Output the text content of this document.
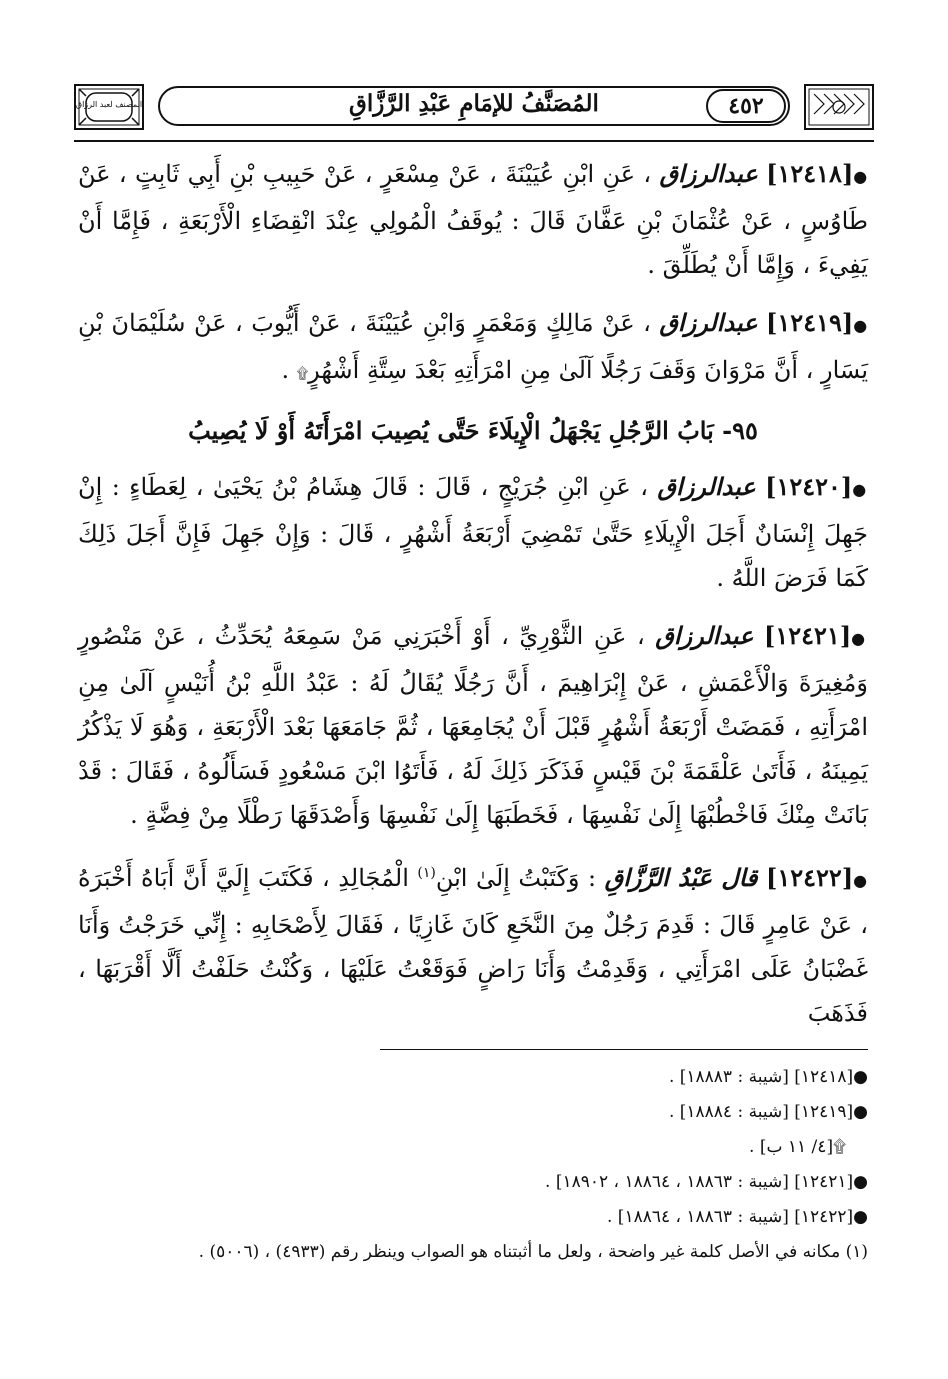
المصنف لعبد الرزاق	المُصَنَّفُ للإمَامِ عَبْدِ الرَّزَّاقِ	٤٥٢

●[١٢٤١٨] عبدالرزاق ، عَنِ ابْنِ عُيَيْنَةَ ، عَنْ مِسْعَرٍ ، عَنْ حَبِيبِ بْنِ أَبِي ثَابِتٍ ، عَنْ طَاوُسٍ ، عَنْ عُثْمَانَ بْنِ عَفَّانَ قَالَ : يُوقَفُ الْمُولِي عِنْدَ انْقِضَاءِ الْأَرْبَعَةِ ، فَإِمَّا أَنْ يَفِيءَ ، وَإِمَّا أَنْ يُطَلِّقَ .

●[١٢٤١٩] عبدالرزاق ، عَنْ مَالِكٍ وَمَعْمَرٍ وَابْنِ عُيَيْنَةَ ، عَنْ أَيُّوبَ ، عَنْ سُلَيْمَانَ بْنِ يَسَارٍ ، أَنَّ مَرْوَانَ وَقَفَ رَجُلًا آلَىٰ مِنِ امْرَأَتِهِ بَعْدَ سِتَّةِ أَشْهُرٍ۩ .

٩٥- بَابُ الرَّجُلِ يَجْهَلُ الْإِيلَاءَ حَتَّى يُصِيبَ امْرَأَتَهُ أَوْ لَا يُصِيبُ

●[١٢٤٢٠] عبدالرزاق ، عَنِ ابْنِ جُرَيْجٍ ، قَالَ : قَالَ هِشَامُ بْنُ يَحْيَىٰ ، لِعَطَاءٍ : إِنْ جَهِلَ إِنْسَانٌ أَجَلَ الْإِيلَاءِ حَتَّىٰ تَمْضِيَ أَرْبَعَةُ أَشْهُرٍ ، قَالَ : وَإِنْ جَهِلَ فَإِنَّ أَجَلَ ذَلِكَ كَمَا فَرَضَ اللَّهُ .

●[١٢٤٢١] عبدالرزاق ، عَنِ الثَّوْرِيِّ ، أَوْ أَخْبَرَنِي مَنْ سَمِعَهُ يُحَدِّثُ ، عَنْ مَنْصُورٍ وَمُغِيرَةَ وَالْأَعْمَشِ ، عَنْ إِبْرَاهِيمَ ، أَنَّ رَجُلًا يُقَالُ لَهُ : عَبْدُ اللَّهِ بْنُ أُنَيْسٍ آلَىٰ مِنِ امْرَأَتِهِ ، فَمَضَتْ أَرْبَعَةُ أَشْهُرٍ قَبْلَ أَنْ يُجَامِعَهَا ، ثُمَّ جَامَعَهَا بَعْدَ الْأَرْبَعَةِ ، وَهُوَ لَا يَذْكُرُ يَمِينَهُ ، فَأَتَىٰ عَلْقَمَةَ بْنَ قَيْسٍ فَذَكَرَ ذَلِكَ لَهُ ، فَأَتَوُا ابْنَ مَسْعُودٍ فَسَأَلُوهُ ، فَقَالَ : قَدْ بَانَتْ مِنْكَ فَاخْطُبْهَا إِلَىٰ نَفْسِهَا ، فَخَطَبَهَا إِلَىٰ نَفْسِهَا وَأَصْدَقَهَا رَطْلًا مِنْ فِضَّةٍ .

●[١٢٤٢٢] قال عَبْدُ الرَّزَّاقِ : وَكَتَبْتُ إِلَىٰ ابْنِ$^{(١)}$ الْمُجَالِدِ ، فَكَتَبَ إِلَيَّ أَنَّ أَبَاهُ أَخْبَرَهُ ، عَنْ عَامِرٍ قَالَ : قَدِمَ رَجُلٌ مِنَ النَّخَعِ كَانَ غَازِيًا ، فَقَالَ لِأَصْحَابِهِ : إِنِّي خَرَجْتُ وَأَنَا غَضْبَانُ عَلَى امْرَأَتِي ، وَقَدِمْتُ وَأَنَا رَاضٍ فَوَقَعْتُ عَلَيْهَا ، وَكُنْتُ حَلَفْتُ أَلَّا أَقْرَبَهَا ، فَذَهَبَ

●[١٢٤١٨] [شيبة : ١٨٨٨٣] .

●[١٢٤١٩] [شيبة : ١٨٨٨٤] .

۩[٤/ ١١ ب] .

●[١٢٤٢١] [شيبة : ١٨٨٦٣ ، ١٨٨٦٤ ، ١٨٩٠٢] .

●[١٢٤٢٢] [شيبة : ١٨٨٦٣ ، ١٨٨٦٤] .

(١) مكانه في الأصل كلمة غير واضحة ، ولعل ما أثبتناه هو الصواب وينظر رقم (٤٩٣٣) ، (٥٠٠٦) .
